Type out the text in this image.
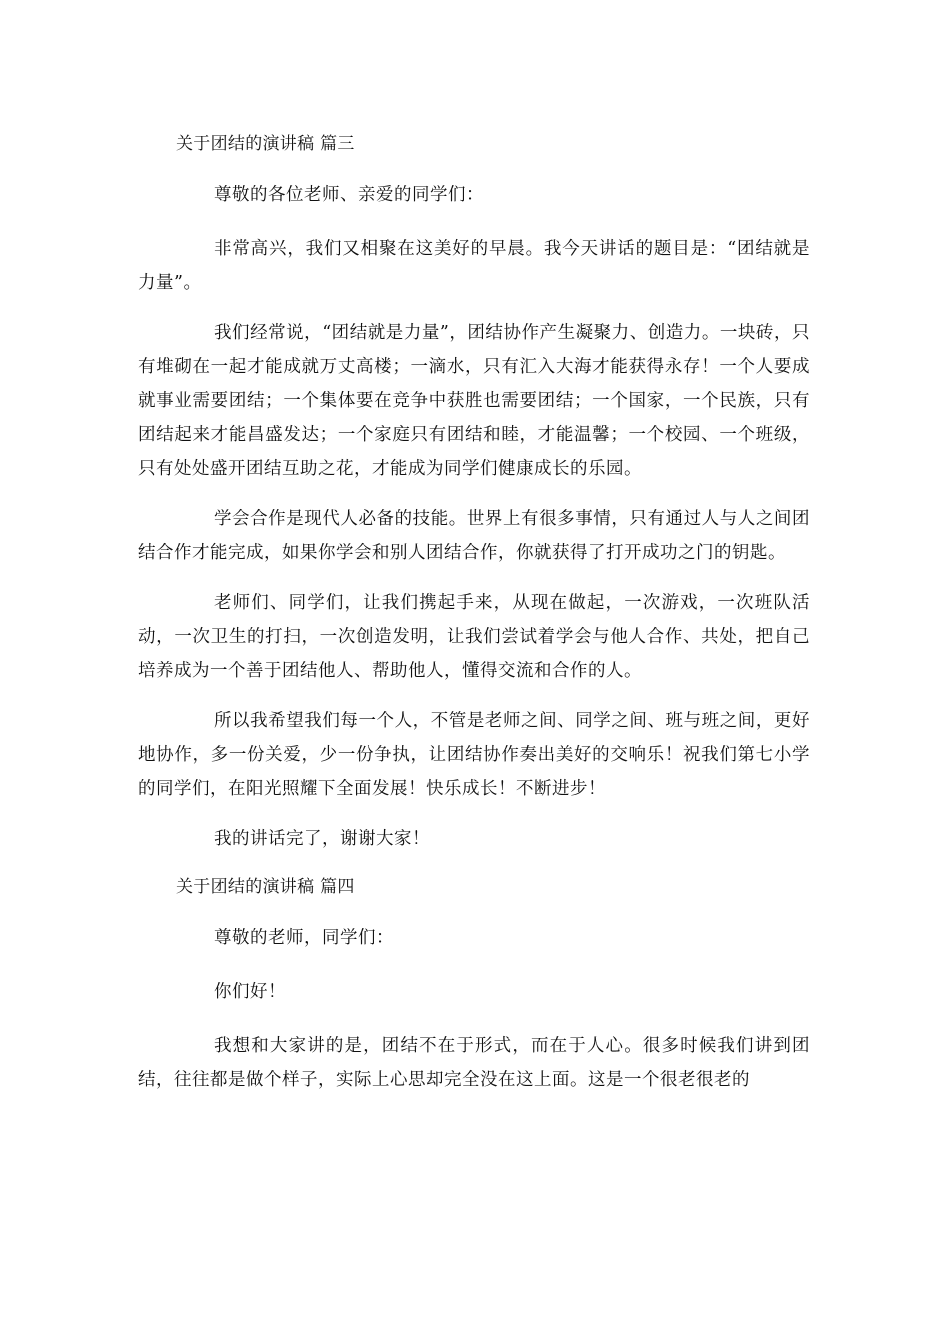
关于团结的演讲稿 篇三

尊敬的各位老师、亲爱的同学们：

非常高兴，我们又相聚在这美好的早晨。我今天讲话的题目是：“团结就是力量”。

我们经常说，“团结就是力量”，团结协作产生凝聚力、创造力。一块砖，只有堆砌在一起才能成就万丈高楼；一滴水，只有汇入大海才能获得永存！一个人要成就事业需要团结；一个集体要在竞争中获胜也需要团结；一个国家，一个民族，只有团结起来才能昌盛发达；一个家庭只有团结和睦，才能温馨；一个校园、一个班级，只有处处盛开团结互助之花，才能成为同学们健康成长的乐园。

学会合作是现代人必备的技能。世界上有很多事情，只有通过人与人之间团结合作才能完成，如果你学会和别人团结合作，你就获得了打开成功之门的钥匙。

老师们、同学们，让我们携起手来，从现在做起，一次游戏，一次班队活动，一次卫生的打扫，一次创造发明，让我们尝试着学会与他人合作、共处，把自己培养成为一个善于团结他人、帮助他人，懂得交流和合作的人。

所以我希望我们每一个人，不管是老师之间、同学之间、班与班之间，更好地协作，多一份关爱，少一份争执，让团结协作奏出美好的交响乐！祝我们第七小学的同学们，在阳光照耀下全面发展！快乐成长！不断进步！

我的讲话完了，谢谢大家！

关于团结的演讲稿 篇四

尊敬的老师，同学们：

你们好！

我想和大家讲的是，团结不在于形式，而在于人心。很多时候我们讲到团结，往往都是做个样子，实际上心思却完全没在这上面。这是一个很老很老的
